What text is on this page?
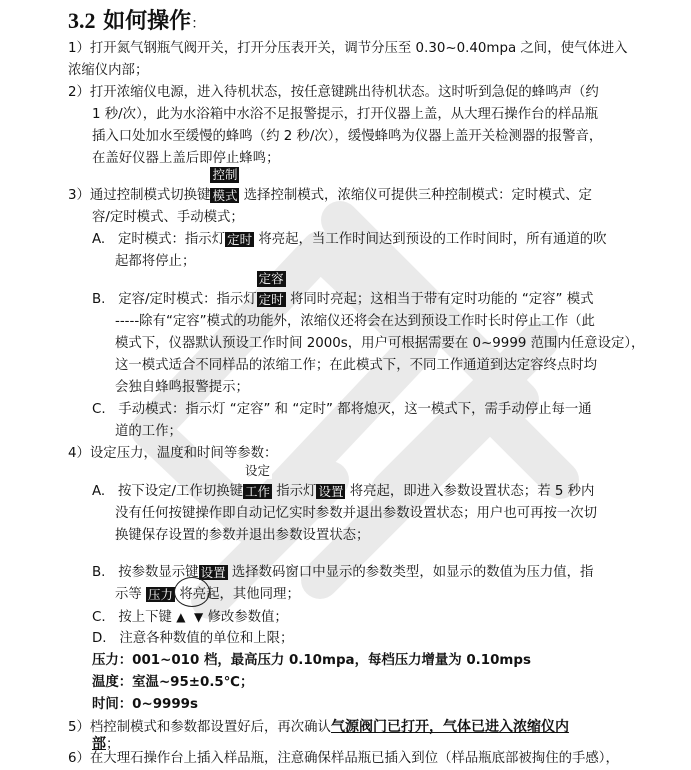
3.2 如何操作：
1）打开氮气钢瓶气阀开关，打开分压表开关，调节分压至 0.30~0.40mpa 之间，使气体进入
浓缩仪内部；
2）打开浓缩仪电源，进入待机状态，按任意键跳出待机状态。这时听到急促的蜂鸣声（约
1 秒/次），此为水浴箱中水浴不足报警提示，打开仪器上盖，从大理石操作台的样品瓶
插入口处加水至缓慢的蜂鸣（约 2 秒/次），缓慢蜂鸣为仪器上盖开关检测器的报警音，
在盖好仪器上盖后即停止蜂鸣；
3）通过控制模式切换键
控制
模式 选择控制模式，浓缩仪可提供三种控制模式：定时模式、定
容/定时模式、手动模式；
A. 定时模式：指示灯 定时 将亮起，当工作时间达到预设的工作时间时，所有通道的吹
起都将停止；
B. 定容/定时模式：指示灯
定容
定时 将同时亮起；这相当于带有定时功能的 “定容” 模式
-----除有“定容”模式的功能外，浓缩仪还将会在达到预设工作时长时停止工作（此
模式下，仪器默认预设工作时间 2000s，用户可根据需要在 0~9999 范围内任意设定），
这一模式适合不同样品的浓缩工作；在此模式下，不同工作通道到达定容终点时均
会独自蜂鸣报警提示；
C. 手动模式：指示灯 “定容” 和 “定时” 都将熄灭，这一模式下，需手动停止每一通
道的工作；
4）设定压力，温度和时间等参数：
A. 按下设定/工作切换键
设定
工作 指示灯 设置 将亮起，即进入参数设置状态；若 5 秒内
没有任何按键操作即自动记忆实时参数并退出参数设置状态；用户也可再按一次切
换键保存设置的参数并退出参数设置状态；
B. 按参数显示键 设置 选择数码窗口中显示的参数类型，如显示的数值为压力值，指
示等 压力 将亮起，其他同理；
C. 按上下键 ▲ ▼ 修改参数值；
D. 注意各种数值的单位和上限；
压力：001~010 档，最高压力 0.10mpa，每档压力增量为 0.10mps
温度：室温~95±0.5℃；
时间：0~9999s
5）档控制模式和参数都设置好后，再次确认气源阀门已打开，气体已进入浓缩仪内
部；
6）在大理石操作台上插入样品瓶，注意确保样品瓶已插入到位（样品瓶底部被掏住的手感），
